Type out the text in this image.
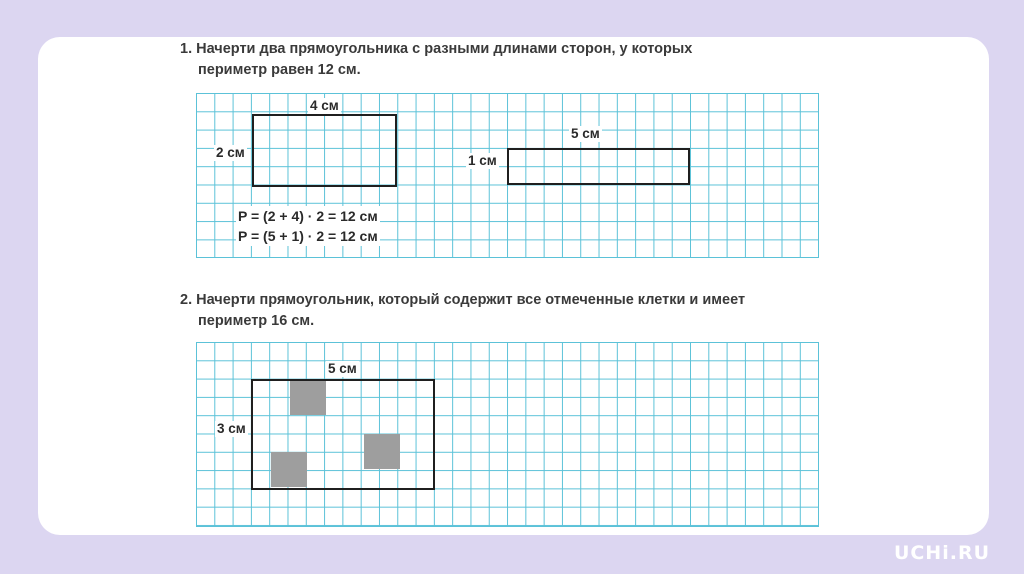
1. Начерти два прямоугольника с разными длинами сторон, у которых
периметр равен 12 см.
4 см
2 см
5 см
1 см
P = (2 + 4) · 2 = 12 см
P = (5 + 1) · 2 = 12 см
2. Начерти прямоугольник, который содержит все отмеченные клетки и имеет
периметр 16 см.
5 см
3 см
UCHi.RU
